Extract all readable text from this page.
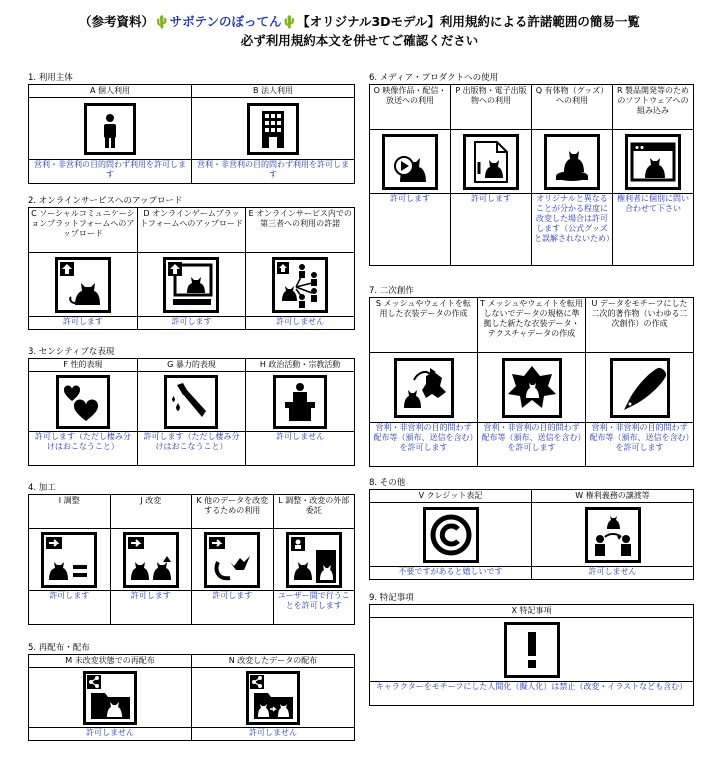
（参考資料）🌵サボテンのぼってん🌵【オリジナル3Dモデル】利用規約による許諾範囲の簡易一覧
必ず利用規約本文を併せてご確認ください
1. 利用主体
A 個人利用	B 法人利用

営利・非営利の目的問わず利用を許可します	営利・非営利の目的問わず利用を許可します
2. オンラインサービスへのアップロード
C ソーシャルコミュニケーションプラットフォームへのアップロード	D オンラインゲームプラットフォームへのアップロード	E オンラインサービス内での第三者への利用の許諾

許可します	許可します	許可しません
3. センシティブな表現
F 性的表現	G 暴力的表現	H 政治活動・宗教活動

許可します（ただし棲み分けはおこなうこと）	許可します（ただし棲み分けはおこなうこと）	許可しません
4. 加工
I 調整	J 改変	K 他のデータを改変するための利用	L 調整・改変の外部委託

許可します	許可します	許可します	ユーザー間で行うことを許可します
5. 再配布・配布
M 未改変状態での再配布	N 改変したデータの配布

許可しません	許可しません
6. メディア・プロダクトへの使用
O 映像作品・配信・放送への利用	P 出版物・電子出版物への利用	Q 有体物（グッズ）への利用	R 製品開発等のためのソフトウェアへの組み込み

許可します	許可します	オリジナルと異なることが分かる程度に改変した場合は許可します（公式グッズと誤解されないため）	権利者に個別に問い合わせて下さい
7. 二次創作
S メッシュやウェイトを転用した衣装データの作成	T メッシュやウェイトを転用しないでデータの規格に準拠した新たな衣装データ・テクスチャデータの作成	U データをモチーフにした二次的著作物（いわゆる二次創作）の作成

営利・非営利の目的問わず配布等（頒布、送信を含む）を許可します	営利・非営利の目的問わず配布等（頒布、送信を含む）を許可します	営利・非営利の目的問わず配布等（頒布、送信を含む）を許可します
8. その他
V クレジット表記	W 権利義務の譲渡等

不要ですがあると嬉しいです	許可しません
9. 特記事項
X 特記事項

キャラクターをモチーフにした人間化（擬人化）は禁止（改変・イラストなども含む）
